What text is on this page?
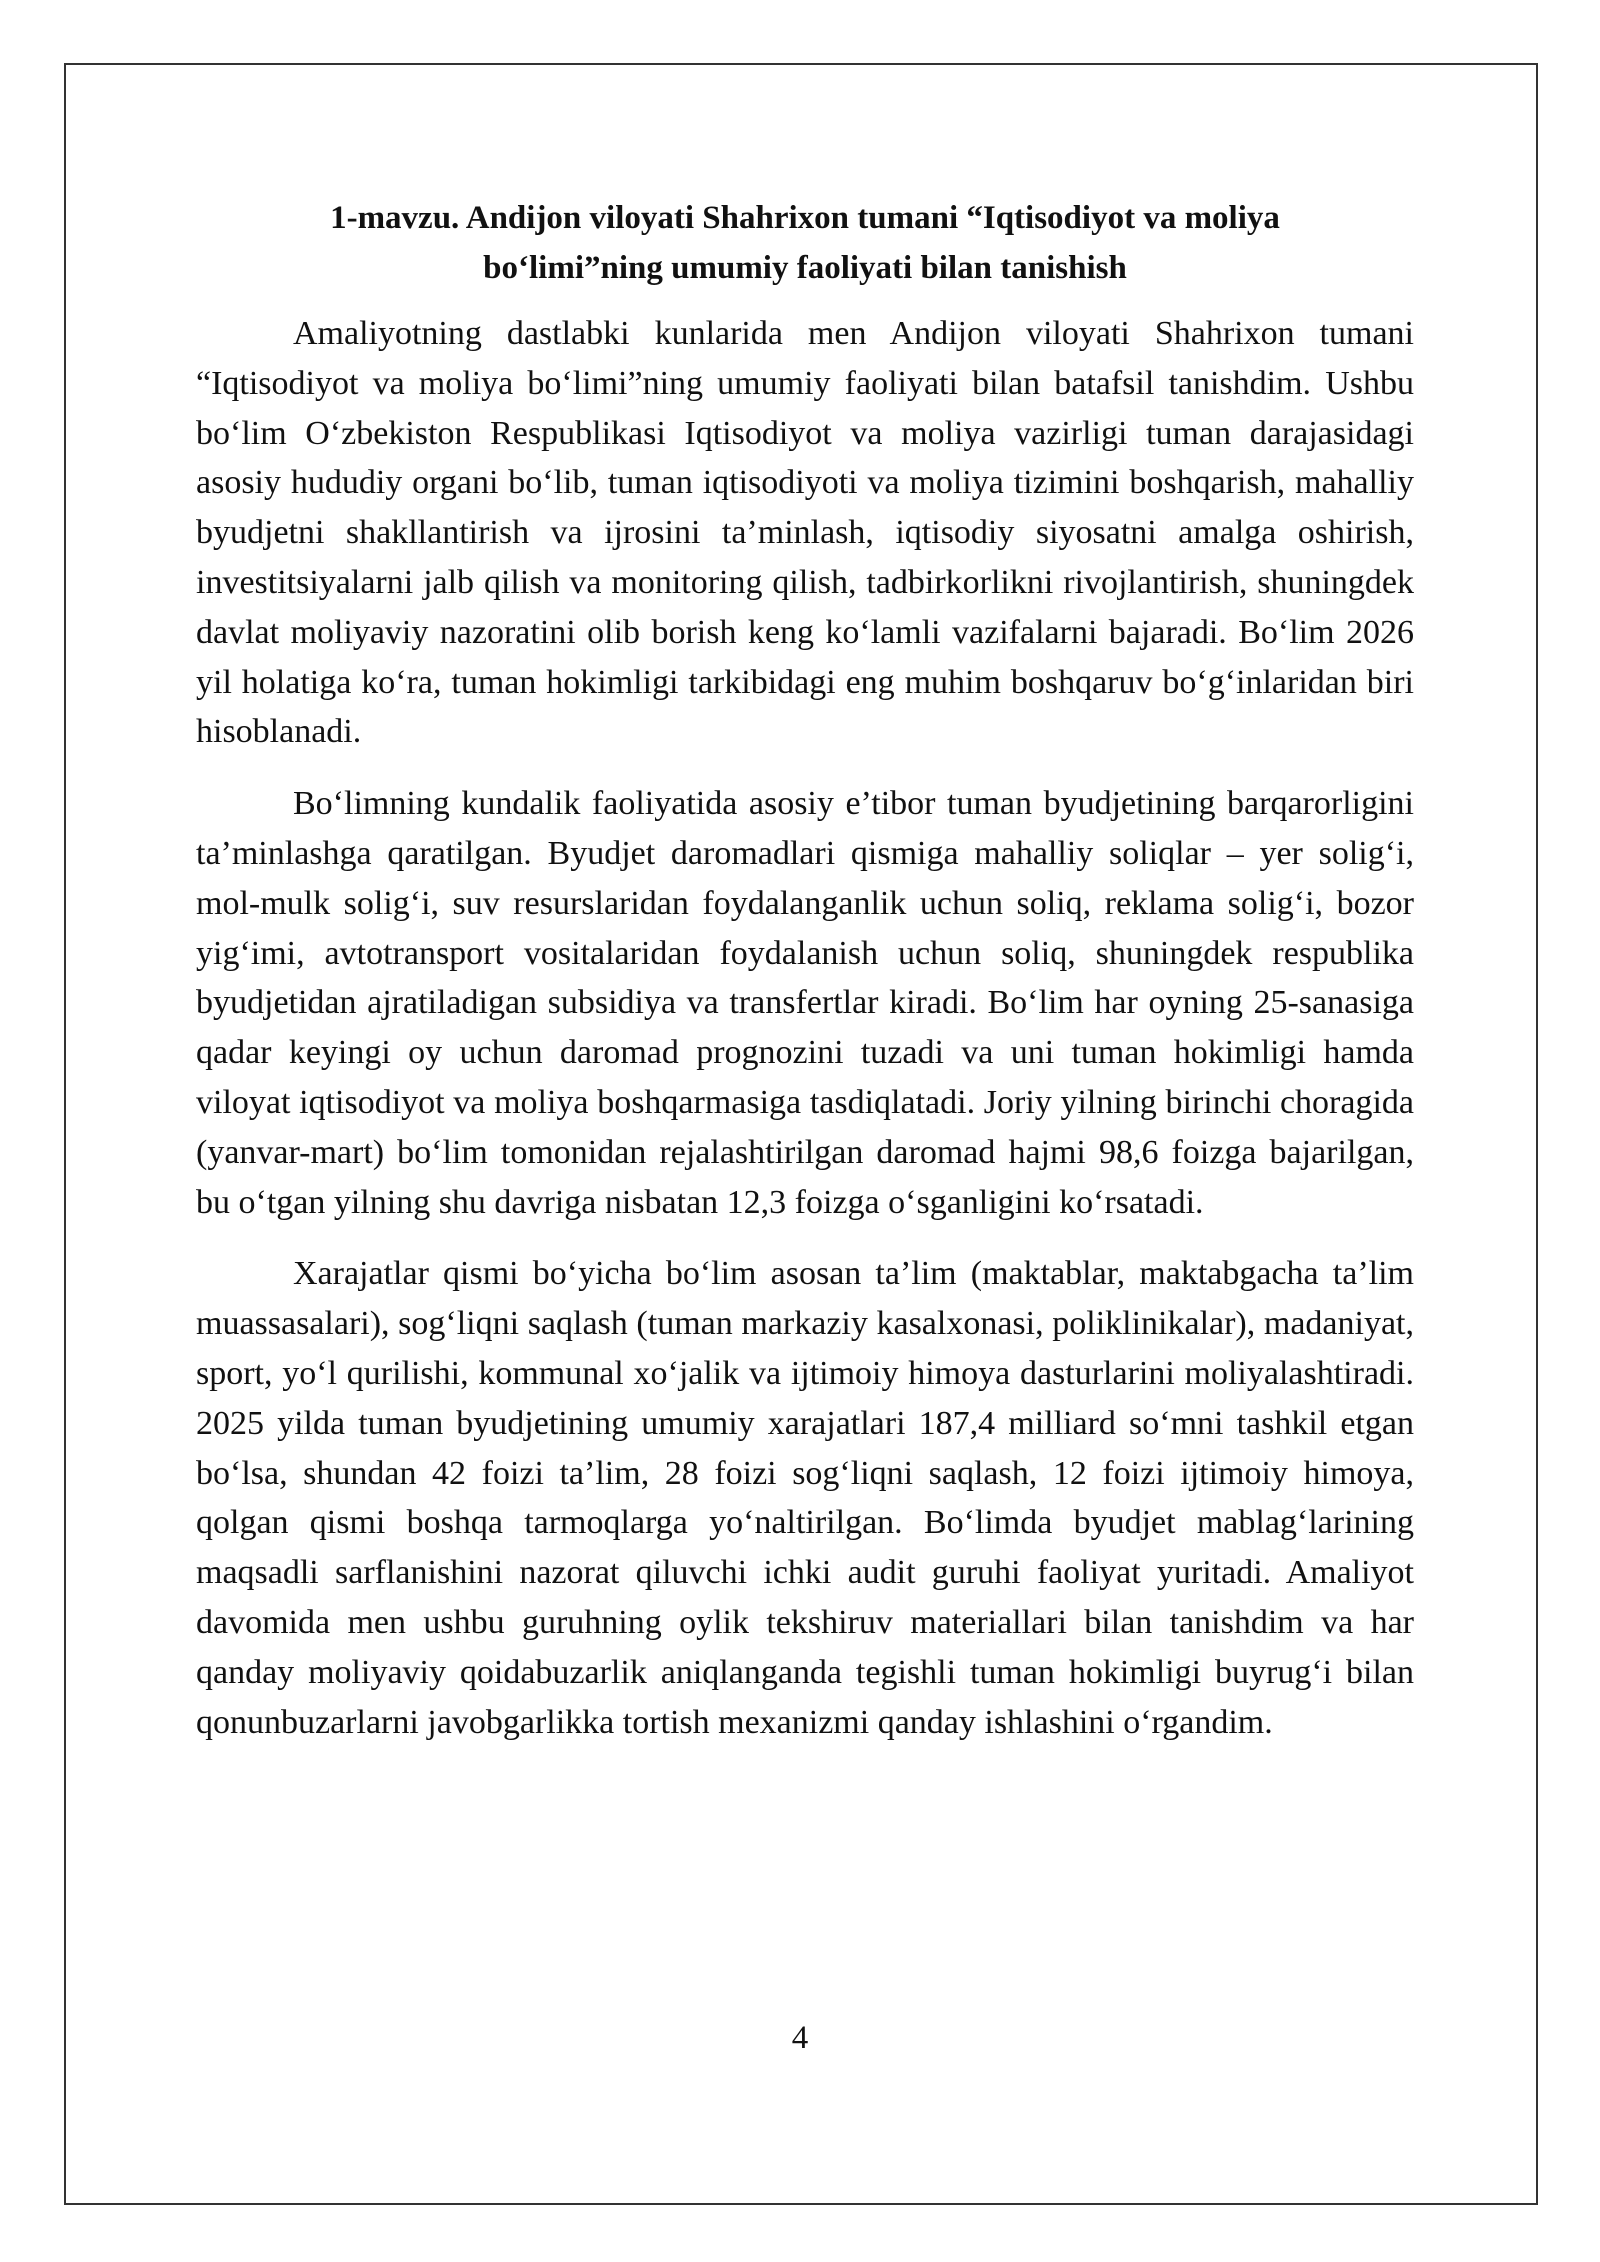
1-mavzu. Andijon viloyati Shahrixon tumani “Iqtisodiyot va moliya
bo‘limi”ning umumiy faoliyati bilan tanishish

Amaliyotning dastlabki kunlarida men Andijon viloyati Shahrixon tumani “Iqtisodiyot va moliya bo‘limi”ning umumiy faoliyati bilan batafsil tanishdim. Ushbu bo‘lim O‘zbekiston Respublikasi Iqtisodiyot va moliya vazirligi tuman darajasidagi asosiy hududiy organi bo‘lib, tuman iqtisodiyoti va moliya tizimini boshqarish, mahalliy byudjetni shakllantirish va ijrosini ta’minlash, iqtisodiy siyosatni amalga oshirish, investitsiyalarni jalb qilish va monitoring qilish, tadbirkorlikni rivojlantirish, shuningdek davlat moliyaviy nazoratini olib borish keng ko‘lamli vazifalarni bajaradi. Bo‘lim 2026 yil holatiga ko‘ra, tuman hokimligi tarkibidagi eng muhim boshqaruv bo‘g‘inlaridan biri hisoblanadi.

Bo‘limning kundalik faoliyatida asosiy e’tibor tuman byudjetining barqarorligini ta’minlashga qaratilgan. Byudjet daromadlari qismiga mahalliy soliqlar – yer solig‘i, mol-mulk solig‘i, suv resurslaridan foydalanganlik uchun soliq, reklama solig‘i, bozor yig‘imi, avtotransport vositalaridan foydalanish uchun soliq, shuningdek respublika byudjetidan ajratiladigan subsidiya va transfertlar kiradi. Bo‘lim har oyning 25-sanasiga qadar keyingi oy uchun daromad prognozini tuzadi va uni tuman hokimligi hamda viloyat iqtisodiyot va moliya boshqarmasiga tasdiqlatadi. Joriy yilning birinchi choragida (yanvar-mart) bo‘lim tomonidan rejalashtirilgan daromad hajmi 98,6 foizga bajarilgan, bu o‘tgan yilning shu davriga nisbatan 12,3 foizga o‘sganligini ko‘rsatadi.

Xarajatlar qismi bo‘yicha bo‘lim asosan ta’lim (maktablar, maktabgacha ta’lim muassasalari), sog‘liqni saqlash (tuman markaziy kasalxonasi, poliklinikalar), madaniyat, sport, yo‘l qurilishi, kommunal xo‘jalik va ijtimoiy himoya dasturlarini moliyalashtiradi. 2025 yilda tuman byudjetining umumiy xarajatlari 187,4 milliard so‘mni tashkil etgan bo‘lsa, shundan 42 foizi ta’lim, 28 foizi sog‘liqni saqlash, 12 foizi ijtimoiy himoya, qolgan qismi boshqa tarmoqlarga yo‘naltirilgan. Bo‘limda byudjet mablag‘larining maqsadli sarflanishini nazorat qiluvchi ichki audit guruhi faoliyat yuritadi. Amaliyot davomida men ushbu guruhning oylik tekshiruv materiallari bilan tanishdim va har qanday moliyaviy qoidabuzarlik aniqlanganda tegishli tuman hokimligi buyrug‘i bilan qonunbuzarlarni javobgarlikka tortish mexanizmi qanday ishlashini o‘rgandim.

4
